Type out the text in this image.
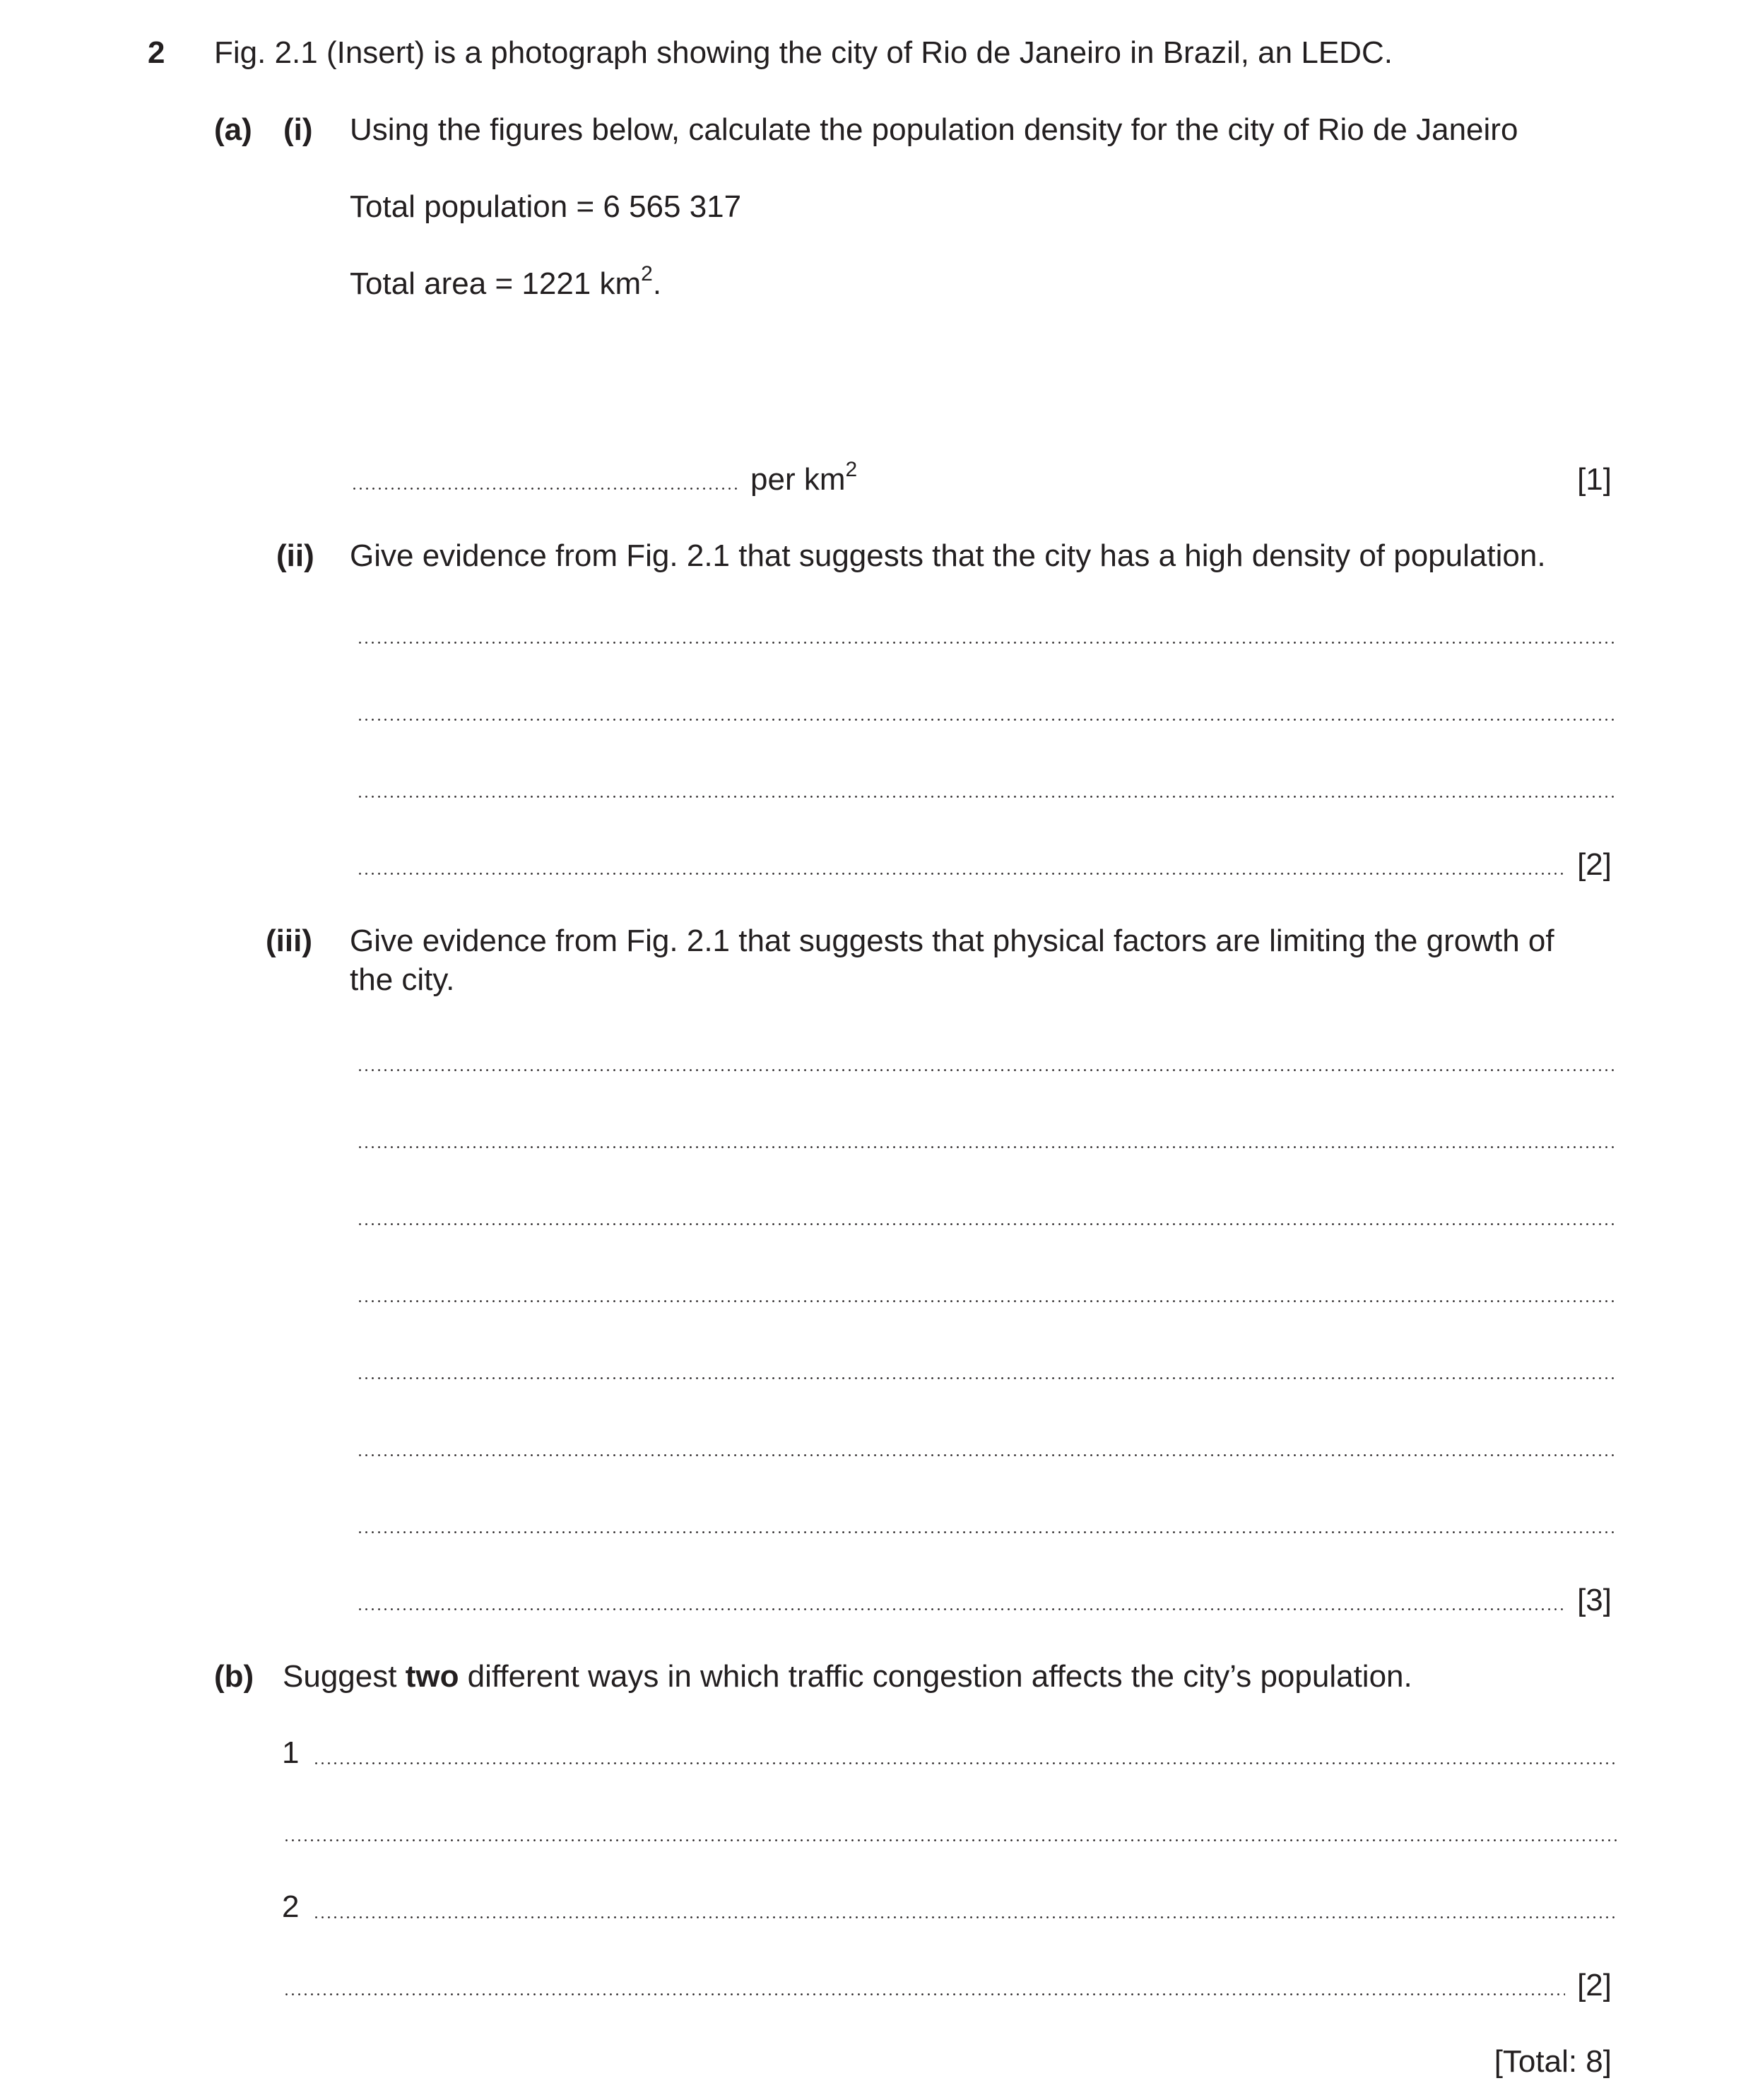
2 Fig. 2.1 (Insert) is a photograph showing the city of Rio de Janeiro in Brazil, an LEDC.
(a) (i) Using the figures below, calculate the population density for the city of Rio de Janeiro
Total population = 6 565 317
Total area = 1221 $km^2$.
per $km^2$	[1]
(ii) Give evidence from Fig. 2.1 that suggests that the city has a high density of population.
[2]
(iii) Give evidence from Fig. 2.1 that suggests that physical factors are limiting the growth of
the city.
[3]
(b) Suggest two different ways in which traffic congestion affects the city’s population.
1
2
[2]
[Total: 8]
